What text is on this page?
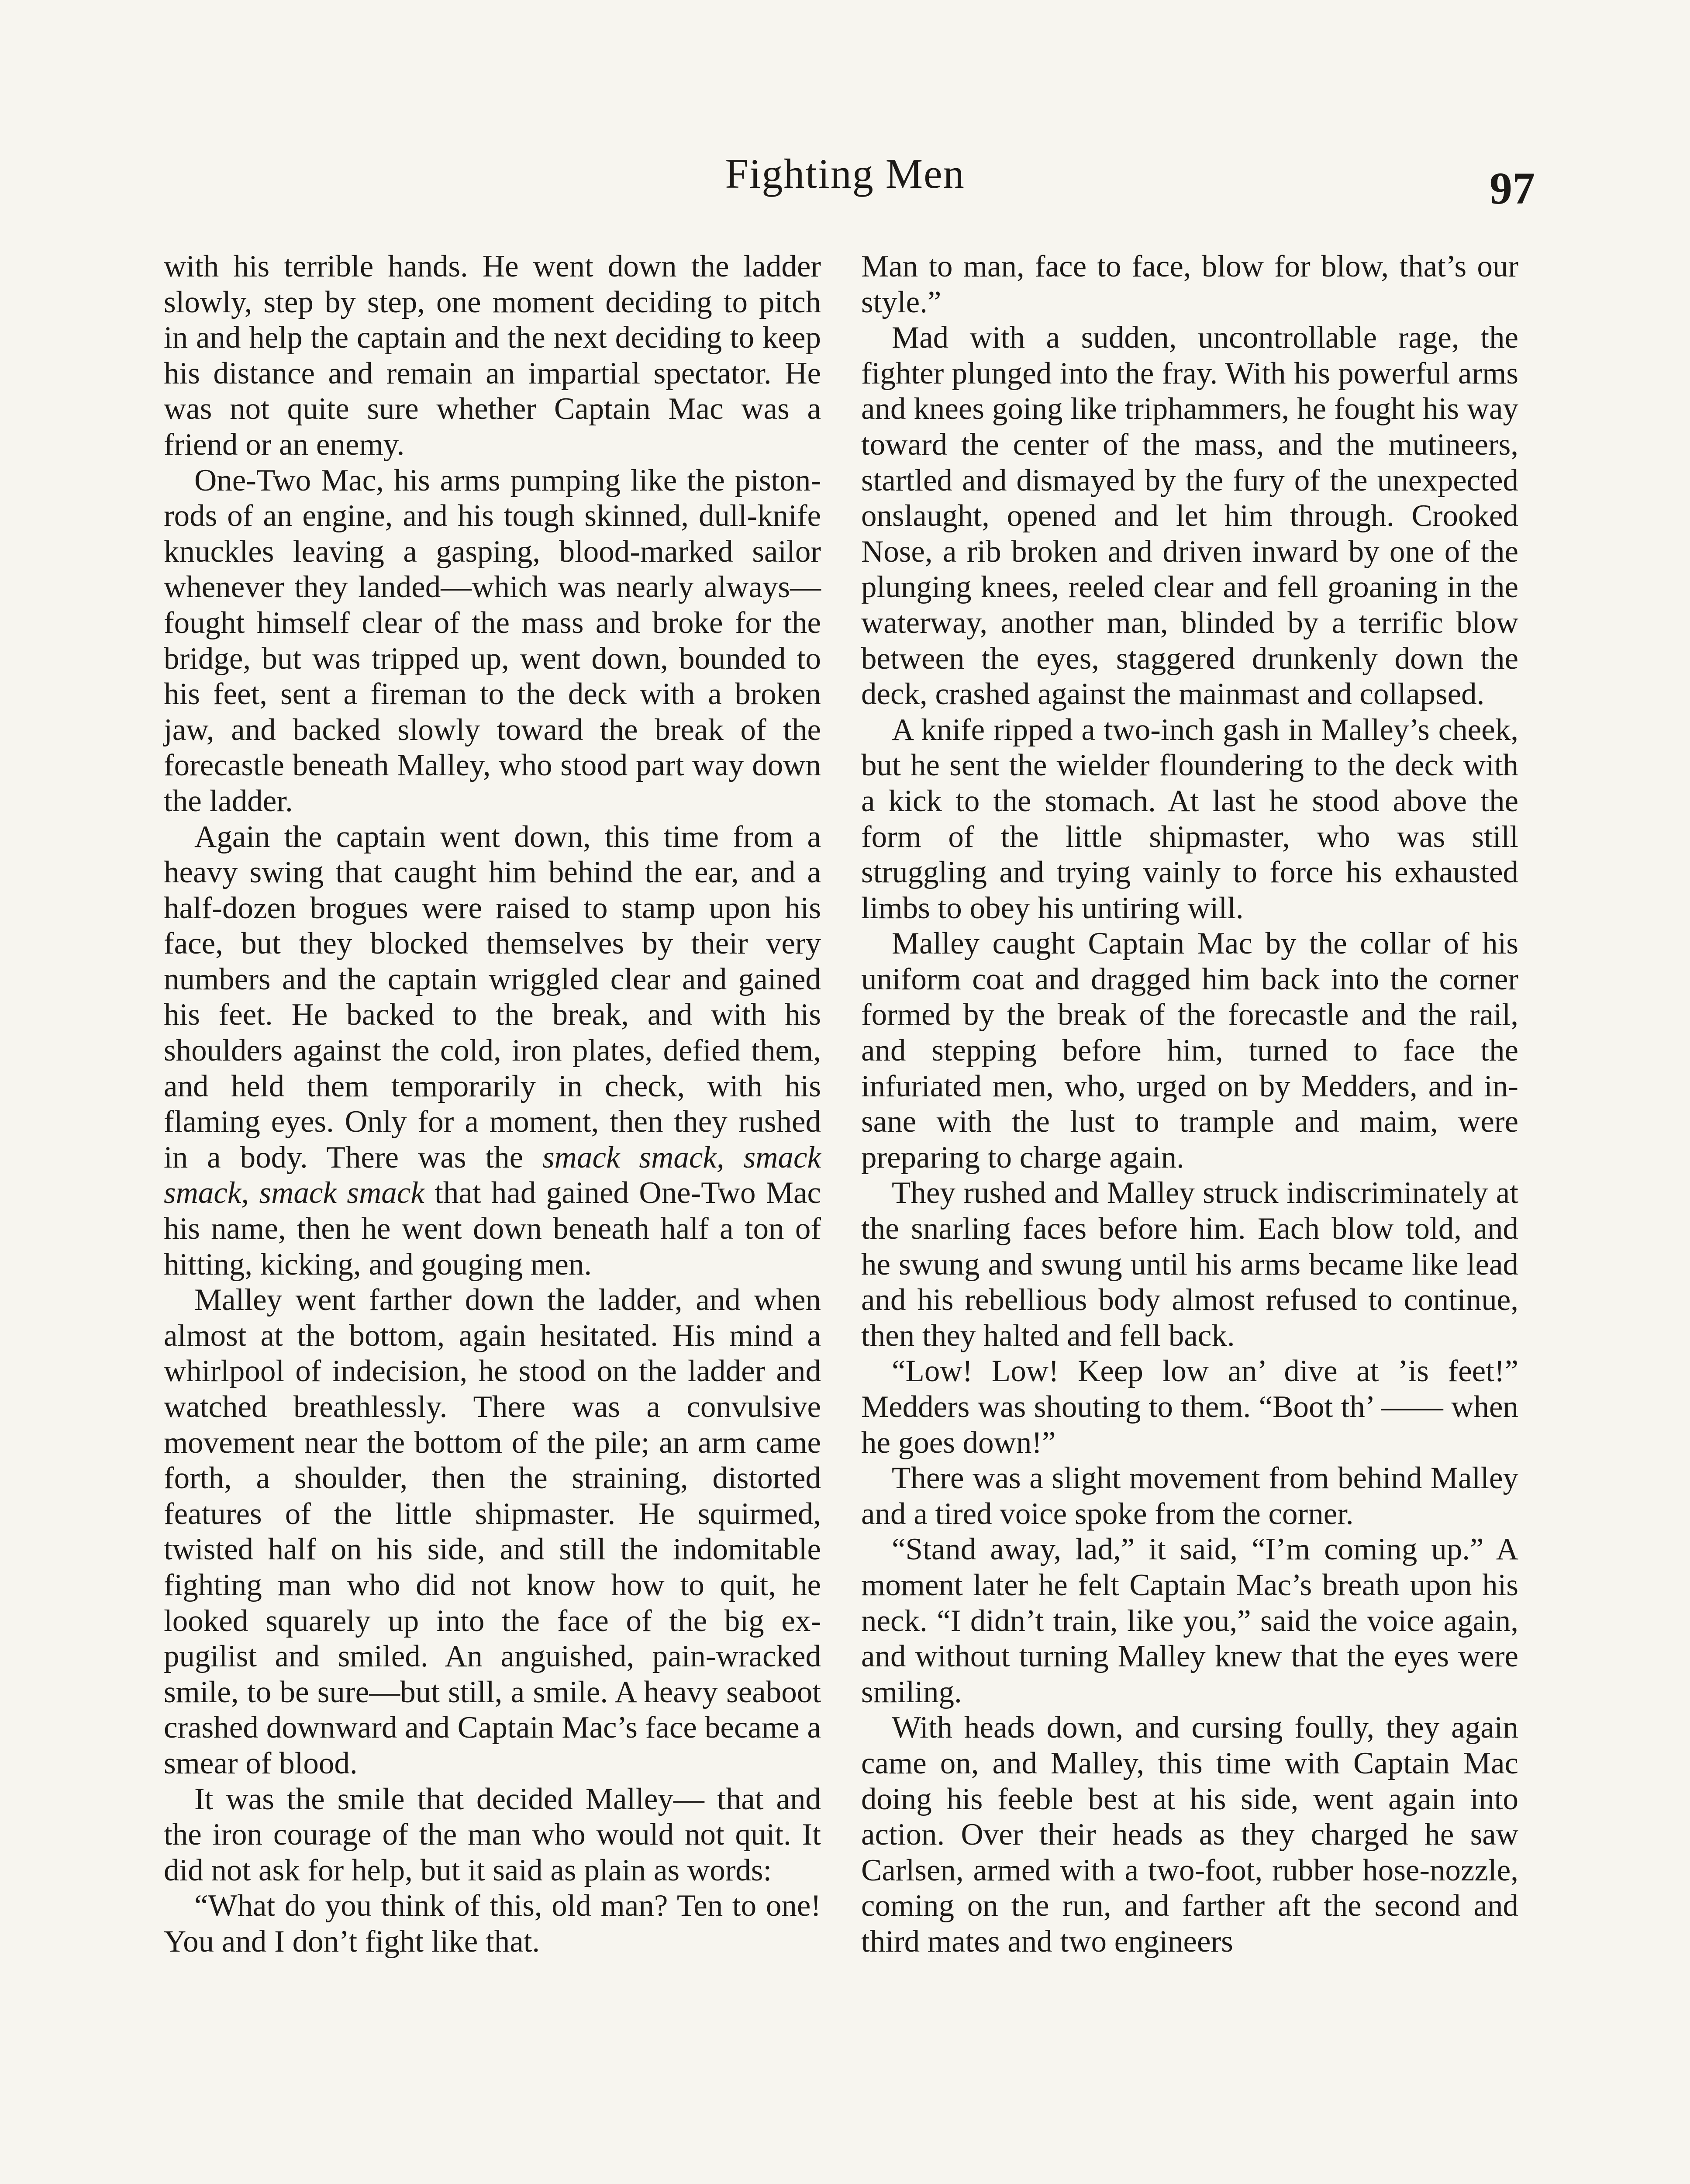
Fighting Men	97

with his terrible hands. He went down the ladder slowly, step by step, one moment deciding to pitch in and help the captain and the next deciding to keep his distance and remain an impartial spectator. He was not quite sure whether Captain Mac was a friend or an enemy.

One-Two Mac, his arms pumping like the piston-rods of an engine, and his tough skinned, dull-knife knuckles leaving a gasping, blood-marked sailor whenever they landed—which was nearly always—fought himself clear of the mass and broke for the bridge, but was tripped up, went down, bounded to his feet, sent a fireman to the deck with a broken jaw, and backed slowly toward the break of the forecastle beneath Malley, who stood part way down the ladder.

Again the captain went down, this time from a heavy swing that caught him behind the ear, and a half-dozen brogues were raised to stamp upon his face, but they blocked themselves by their very numbers and the captain wriggled clear and gained his feet. He backed to the break, and with his shoulders against the cold, iron plates, defied them, and held them temporarily in check, with his flaming eyes. Only for a moment, then they rushed in a body. There was the smack smack, smack smack, smack smack that had gained One-Two Mac his name, then he went down beneath half a ton of hitting, kicking, and gouging men.

Malley went farther down the ladder, and when almost at the bottom, again hesitated. His mind a whirlpool of indecision, he stood on the ladder and watched breathlessly. There was a convulsive movement near the bottom of the pile; an arm came forth, a shoulder, then the straining, distorted features of the little shipmaster. He squirmed, twisted half on his side, and still the indomitable fighting man who did not know how to quit, he looked squarely up into the face of the big ex-pugilist and smiled. An anguished, pain-wracked smile, to be sure—but still, a smile. A heavy seaboot crashed downward and Captain Mac’s face became a smear of blood.

It was the smile that decided Malley— that and the iron courage of the man who would not quit. It did not ask for help, but it said as plain as words:

“What do you think of this, old man? Ten to one! You and I don’t fight like that.

Man to man, face to face, blow for blow, that’s our style.”

Mad with a sudden, uncontrollable rage, the fighter plunged into the fray. With his powerful arms and knees going like triphammers, he fought his way toward the center of the mass, and the mutineers, startled and dismayed by the fury of the unexpected onslaught, opened and let him through. Crooked Nose, a rib broken and driven inward by one of the plunging knees, reeled clear and fell groaning in the waterway, another man, blinded by a terrific blow between the eyes, staggered drunkenly down the deck, crashed against the mainmast and collapsed.

A knife ripped a two-inch gash in Malley’s cheek, but he sent the wielder floundering to the deck with a kick to the stomach. At last he stood above the form of the little shipmaster, who was still struggling and trying vainly to force his exhausted limbs to obey his untiring will.

Malley caught Captain Mac by the collar of his uniform coat and dragged him back into the corner formed by the break of the forecastle and the rail, and stepping before him, turned to face the infuriated men, who, urged on by Medders, and insane with the lust to trample and maim, were preparing to charge again.

They rushed and Malley struck indiscriminately at the snarling faces before him. Each blow told, and he swung and swung until his arms became like lead and his rebellious body almost refused to continue, then they halted and fell back.

“Low! Low! Keep low an’ dive at ’is feet!” Medders was shouting to them. “Boot th’ —— when he goes down!”

There was a slight movement from behind Malley and a tired voice spoke from the corner.

“Stand away, lad,” it said, “I’m coming up.” A moment later he felt Captain Mac’s breath upon his neck. “I didn’t train, like you,” said the voice again, and without turning Malley knew that the eyes were smiling.

With heads down, and cursing foully, they again came on, and Malley, this time with Captain Mac doing his feeble best at his side, went again into action. Over their heads as they charged he saw Carlsen, armed with a two-foot, rubber hose-nozzle, coming on the run, and farther aft the second and third mates and two engineers
